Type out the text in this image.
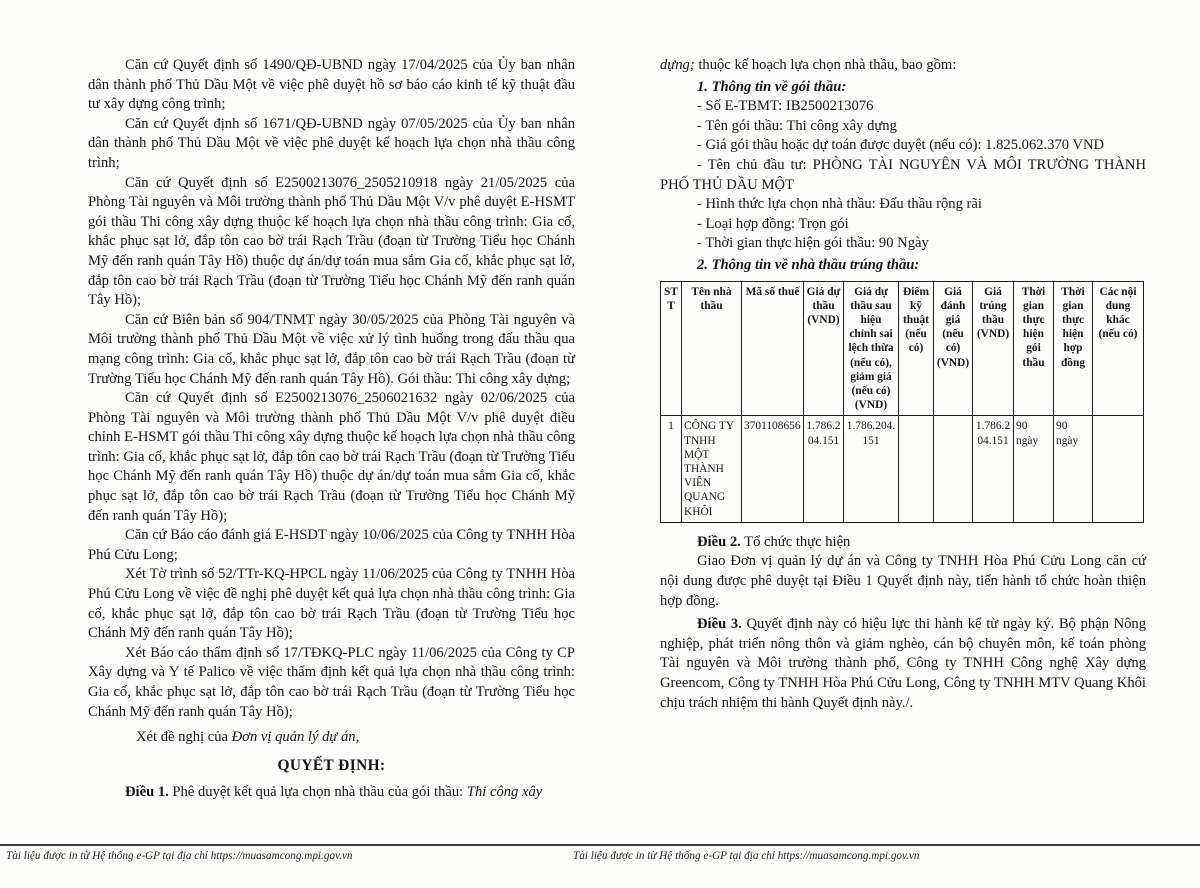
Căn cứ Quyết định số 1490/QĐ-UBND ngày 17/04/2025 của Ủy ban nhân dân thành phố Thủ Dầu Một về việc phê duyệt hồ sơ báo cáo kinh tế kỹ thuật đầu tư xây dựng công trình;

Căn cứ Quyết định số 1671/QĐ-UBND ngày 07/05/2025 của Ủy ban nhân dân thành phố Thủ Dầu Một về việc phê duyệt kế hoạch lựa chọn nhà thầu công trình;

Căn cứ Quyết định số E2500213076_2505210918 ngày 21/05/2025 của Phòng Tài nguyên và Môi trường thành phố Thủ Dầu Một V/v phê duyệt E-HSMT gói thầu Thi công xây dựng thuộc kế hoạch lựa chọn nhà thầu công trình: Gia cố, khắc phục sạt lở, đắp tôn cao bờ trái Rạch Trầu (đoạn từ Trường Tiểu học Chánh Mỹ đến ranh quán Tây Hồ) thuộc dự án/dự toán mua sắm Gia cố, khắc phục sạt lở, đắp tôn cao bờ trái Rạch Trầu (đoạn từ Trường Tiểu học Chánh Mỹ đến ranh quán Tây Hồ);

Căn cứ Biên bản số 904/TNMT ngày 30/05/2025 của Phòng Tài nguyên và Môi trường thành phố Thủ Dầu Một về việc xử lý tình huống trong đấu thầu qua mạng công trình: Gia cố, khắc phục sạt lở, đắp tôn cao bờ trái Rạch Trầu (đoạn từ Trường Tiểu học Chánh Mỹ đến ranh quán Tây Hồ). Gói thầu: Thi công xây dựng;

Căn cứ Quyết định số E2500213076_2506021632 ngày 02/06/2025 của Phòng Tài nguyên và Môi trường thành phố Thủ Dầu Một V/v phê duyệt điều chỉnh E-HSMT gói thầu Thi công xây dựng thuộc kế hoạch lựa chọn nhà thầu công trình: Gia cố, khắc phục sạt lở, đắp tôn cao bờ trái Rạch Trầu (đoạn từ Trường Tiểu học Chánh Mỹ đến ranh quán Tây Hồ) thuộc dự án/dự toán mua sắm Gia cố, khắc phục sạt lở, đắp tôn cao bờ trái Rạch Trầu (đoạn từ Trường Tiểu học Chánh Mỹ đến ranh quán Tây Hồ);

Căn cứ Báo cáo đánh giá E-HSDT ngày 10/06/2025 của Công ty TNHH Hòa Phú Cửu Long;

Xét Tờ trình số 52/TTr-KQ-HPCL ngày 11/06/2025 của Công ty TNHH Hòa Phú Cửu Long về việc đề nghị phê duyệt kết quả lựa chọn nhà thầu công trình: Gia cố, khắc phục sạt lở, đắp tôn cao bờ trái Rạch Trầu (đoạn từ Trường Tiểu học Chánh Mỹ đến ranh quán Tây Hồ);

Xét Báo cáo thẩm định số 17/TĐKQ-PLC ngày 11/06/2025 của Công ty CP Xây dựng và Y tế Palico về việc thẩm định kết quả lựa chọn nhà thầu công trình: Gia cố, khắc phục sạt lở, đắp tôn cao bờ trái Rạch Trầu (đoạn từ Trường Tiểu học Chánh Mỹ đến ranh quán Tây Hồ);

Xét đề nghị của Đơn vị quản lý dự án,

QUYẾT ĐỊNH:

Điều 1. Phê duyệt kết quả lựa chọn nhà thầu của gói thầu: Thi công xây

dựng; thuộc kế hoạch lựa chọn nhà thầu, bao gồm:

1. Thông tin về gói thầu:

- Số E-TBMT: IB2500213076

- Tên gói thầu: Thi công xây dựng

- Giá gói thầu hoặc dự toán được duyệt (nếu có): 1.825.062.370 VND

- Tên chủ đầu tư: PHÒNG TÀI NGUYÊN VÀ MÔI TRƯỜNG THÀNH PHỐ THỦ DẦU MỘT

- Hình thức lựa chọn nhà thầu: Đấu thầu rộng rãi

- Loại hợp đồng: Trọn gói

- Thời gian thực hiện gói thầu: 90 Ngày

2. Thông tin về nhà thầu trúng thầu:

STT	Tên nhà thầu	Mã số thuế	Giá dự thầu (VND)	Giá dự thầu sau hiệu chỉnh sai lệch thừa (nếu có), giảm giá (nếu có) (VND)	Điểm kỹ thuật (nếu có)	Giá đánh giá (nếu có) (VND)	Giá trúng thầu (VND)	Thời gian thực hiện gói thầu	Thời gian thực hiện hợp đồng	Các nội dung khác (nếu có)
1	CÔNG TY TNHH MỘT THÀNH VIÊN QUANG KHÔI	3701108656	1.786.204.151	1.786.204.151			1.786.204.151	90 ngày	90 ngày	

Điều 2. Tổ chức thực hiện

Giao Đơn vị quản lý dự án và Công ty TNHH Hòa Phú Cửu Long căn cứ nội dung được phê duyệt tại Điều 1 Quyết định này, tiến hành tổ chức hoàn thiện hợp đồng.

Điều 3. Quyết định này có hiệu lực thi hành kể từ ngày ký. Bộ phận Nông nghiệp, phát triển nông thôn và giảm nghèo, cán bộ chuyên môn, kế toán phòng Tài nguyên và Môi trường thành phố, Công ty TNHH Công nghệ Xây dựng Greencom, Công ty TNHH Hòa Phú Cửu Long, Công ty TNHH MTV Quang Khôi chịu trách nhiệm thi hành Quyết định này./.

Tài liệu được in từ Hệ thống e-GP tại địa chỉ https://muasamcong.mpi.gov.vn	Tài liệu được in từ Hệ thống e-GP tại địa chỉ https://muasamcong.mpi.gov.vn
